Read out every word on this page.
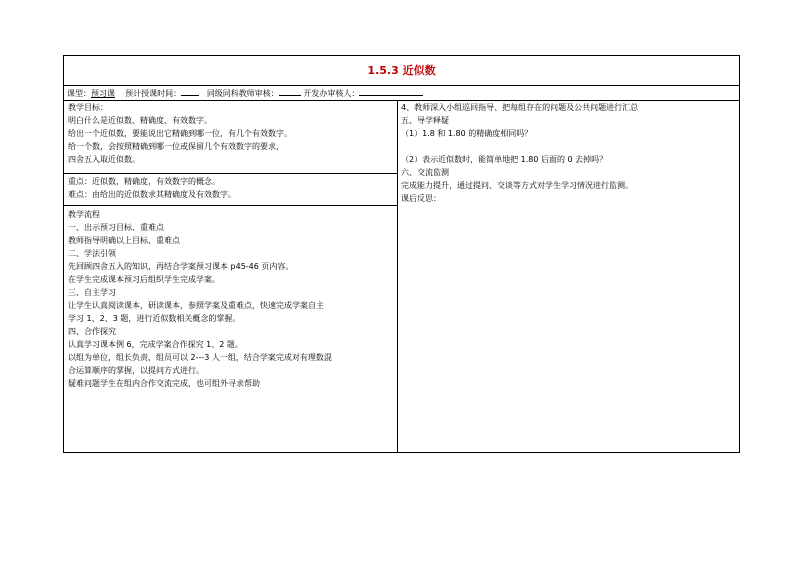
1.5.3 近似数
课型：预习课 预计授课时间：	同级同科教师审核：	开发办审核人：
教学目标：
明白什么是近似数、精确度、有效数字。
给出一个近似数，要能说出它精确到哪一位，有几个有效数字。
给一个数，会按照精确到哪一位或保留几个有效数字的要求，
四舍五入取近似数。
重点：近似数，精确度，有效数字的概念。
难点：由给出的近似数求其精确度及有效数字。
教学流程
一、出示预习目标、重难点
教师指导明确以上目标、重难点
二、学法引领
先回顾四舍五入的知识，再结合学案预习课本 p45-46 页内容。
在学生完成课本预习后组织学生完成学案。
三、自主学习
让学生认真阅读课本，研读课本，参照学案及重难点，快速完成学案自主
学习 1、2、3 题，进行近似数相关概念的掌握。
四、合作探究
认真学习课本例 6，完成学案合作探究 1、2 题。
以组为单位，组长负责，组员可以 2---3 人一组，结合学案完成对有理数混
合运算顺序的掌握，以提问方式进行。
疑难问题学生在组内合作交流完成，也可组外寻求帮助
4、教师深入小组巡回指导、把每组存在的问题及公共问题进行汇总
五、导学释疑
（1）1.8 和 1.80 的精确度相同吗？
（2）表示近似数时，能简单地把 1.80 后面的 0 去掉吗？
六、交流监测
完成能力提升，通过提问、交谈等方式对学生学习情况进行监测。
课后反思：
